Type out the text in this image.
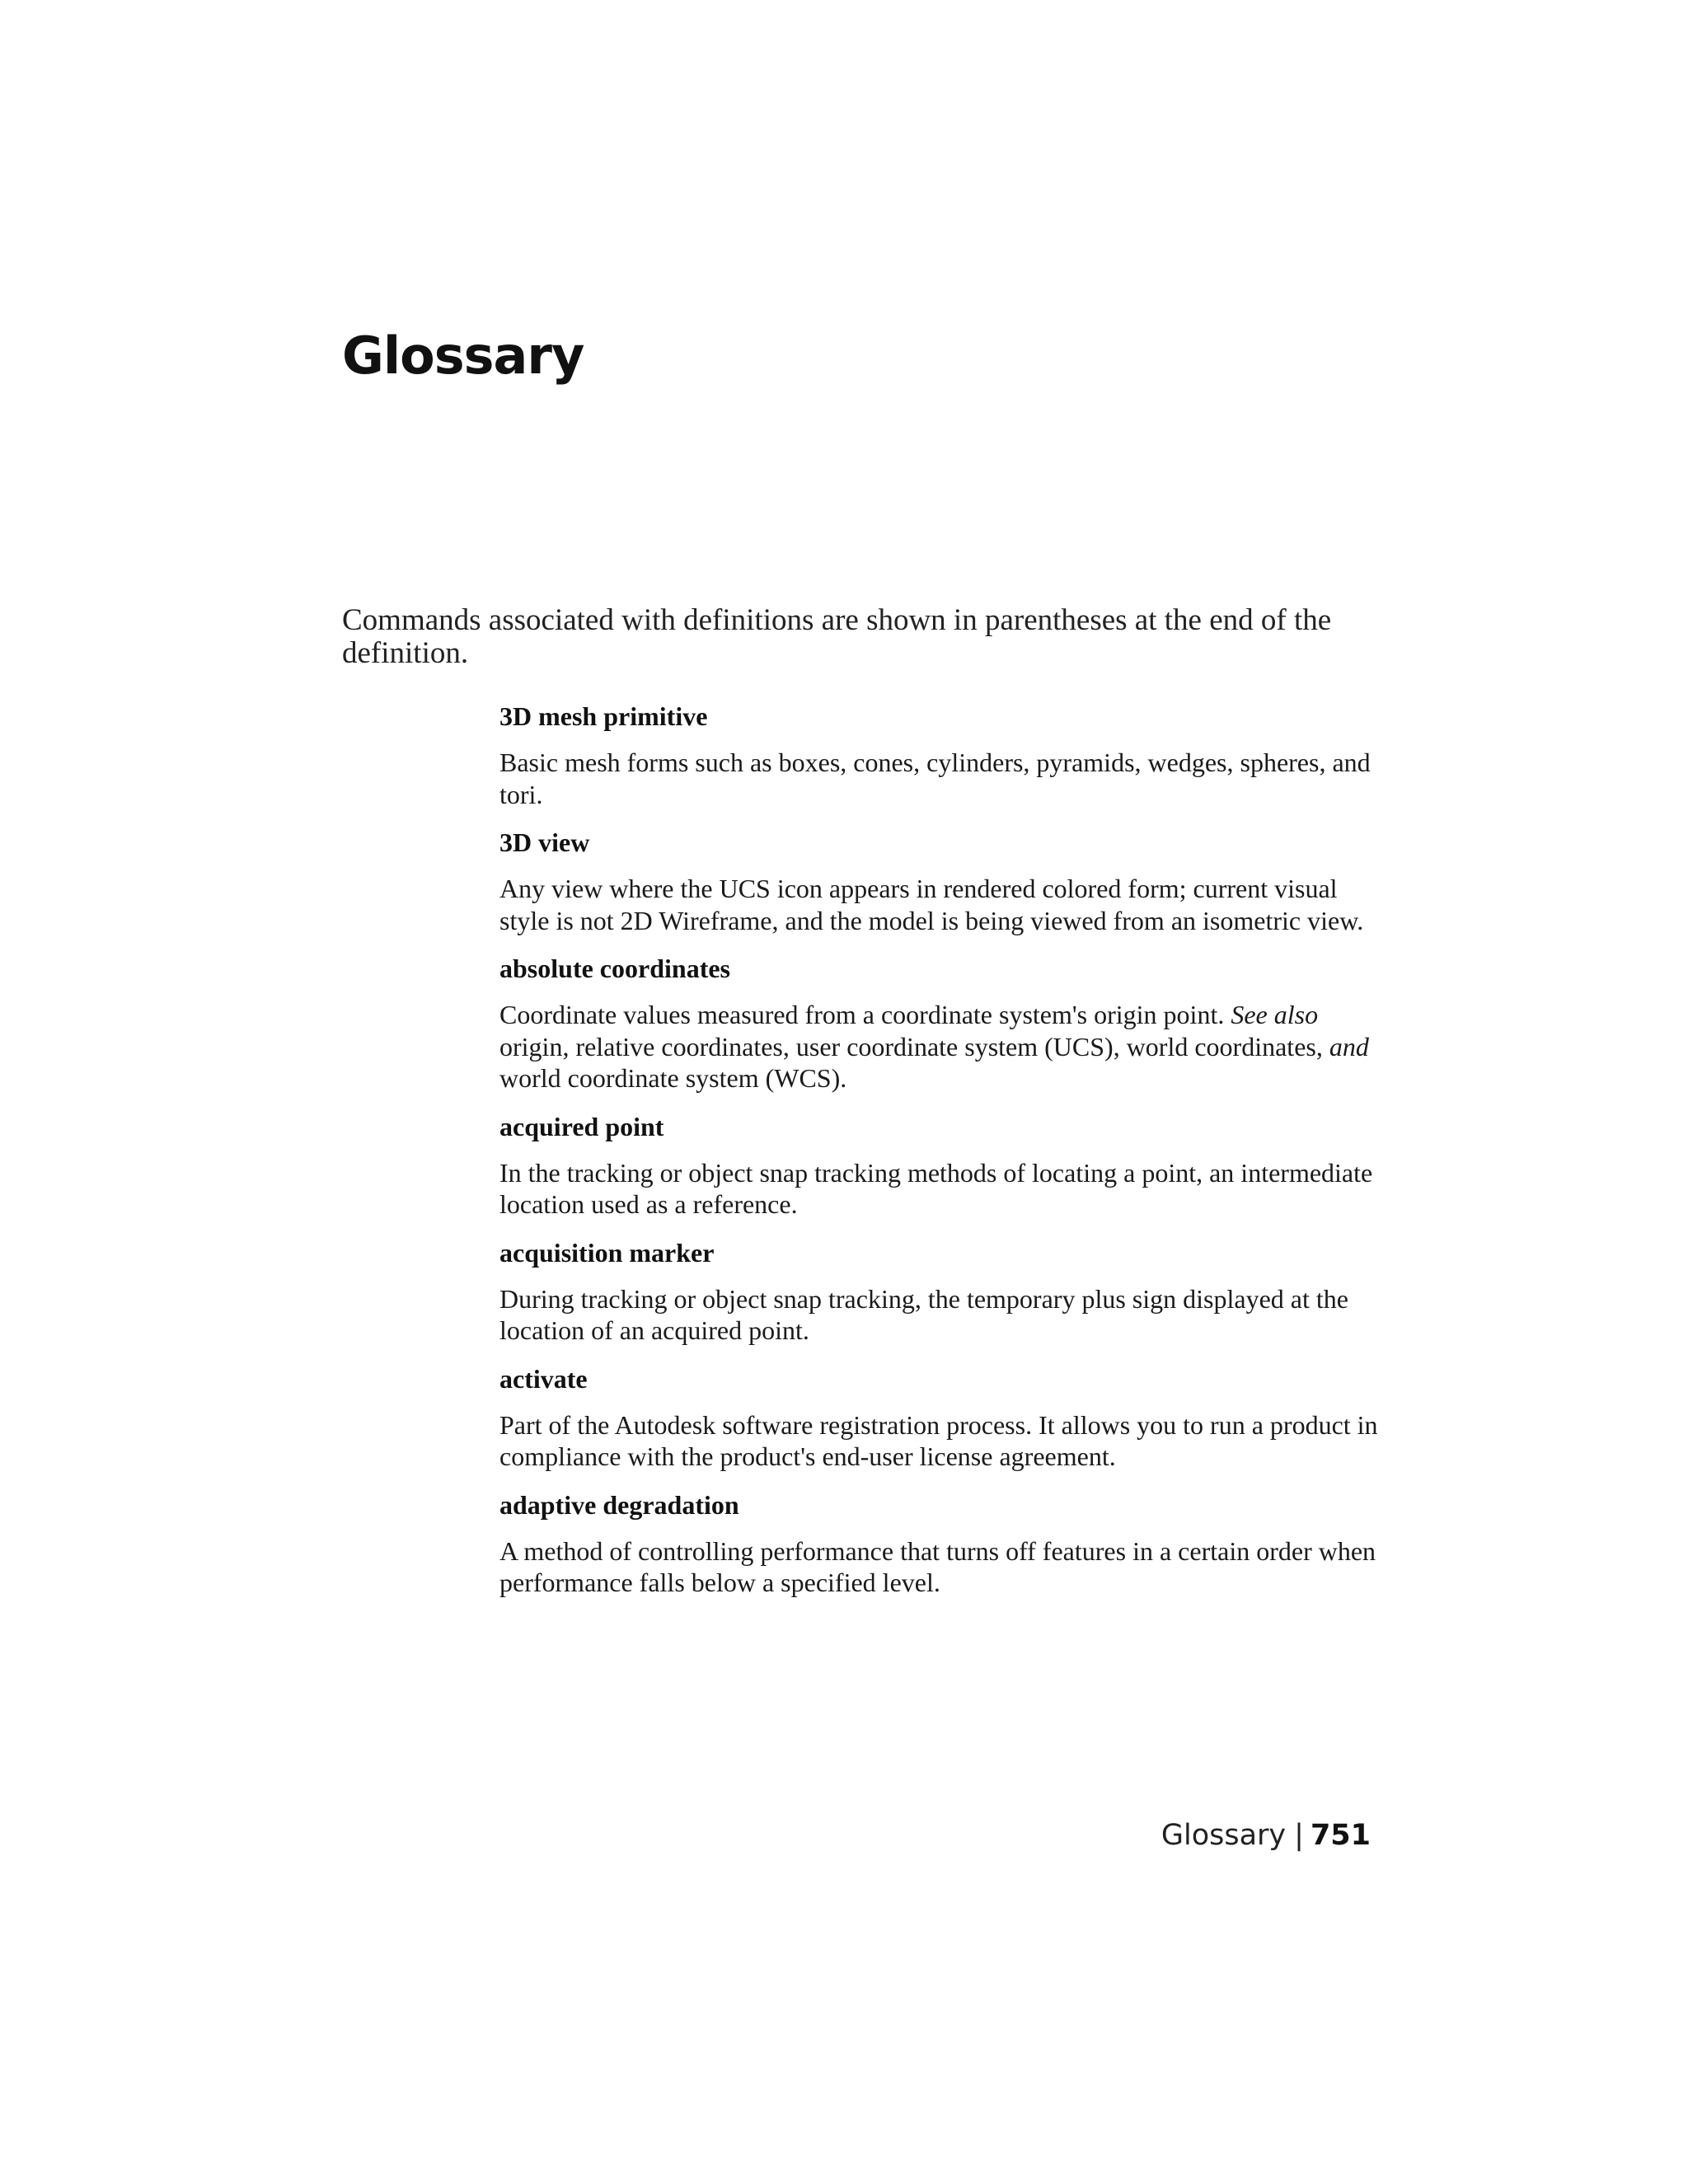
Glossary

Commands associated with definitions are shown in parentheses at the end of the definition.

3D mesh primitive

Basic mesh forms such as boxes, cones, cylinders, pyramids, wedges, spheres, and tori.

3D view

Any view where the UCS icon appears in rendered colored form; current visual style is not 2D Wireframe, and the model is being viewed from an isometric view.

absolute coordinates

Coordinate values measured from a coordinate system's origin point. See also origin, relative coordinates, user coordinate system (UCS), world coordinates, and world coordinate system (WCS).

acquired point

In the tracking or object snap tracking methods of locating a point, an intermediate location used as a reference.

acquisition marker

During tracking or object snap tracking, the temporary plus sign displayed at the location of an acquired point.

activate

Part of the Autodesk software registration process. It allows you to run a product in compliance with the product's end-user license agreement.

adaptive degradation

A method of controlling performance that turns off features in a certain order when performance falls below a specified level.

Glossary | 751
